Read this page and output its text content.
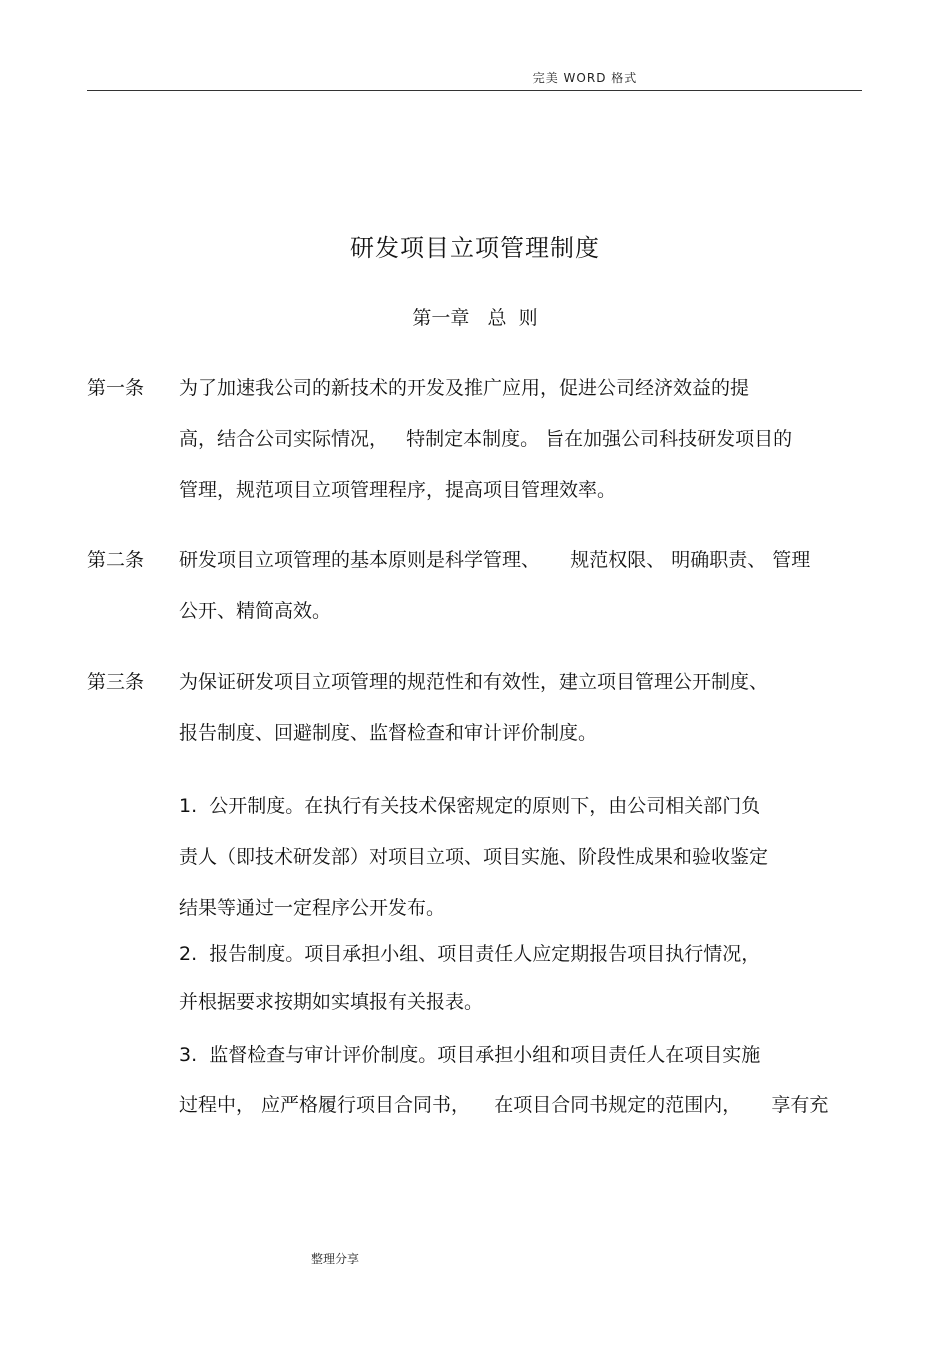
完美 WORD 格式
研发项目立项管理制度
第一章   总  则
第一条 为了加速我公司的新技术的开发及推广应用，促进公司经济效益的提
高，结合公司实际情况，   特制定本制度。 旨在加强公司科技研发项目的
管理，规范项目立项管理程序，提高项目管理效率。
第二条 研发项目立项管理的基本原则是科学管理、     规范权限、 明确职责、 管理
公开、精简高效。
第三条 为保证研发项目立项管理的规范性和有效性，建立项目管理公开制度、
报告制度、回避制度、监督检查和审计评价制度。
1.  公开制度。在执行有关技术保密规定的原则下，由公司相关部门负
责人（即技术研发部）对项目立项、项目实施、阶段性成果和验收鉴定
结果等通过一定程序公开发布。
2.  报告制度。项目承担小组、项目责任人应定期报告项目执行情况，
并根据要求按期如实填报有关报表。
3.  监督检查与审计评价制度。项目承担小组和项目责任人在项目实施
过程中， 应严格履行项目合同书，    在项目合同书规定的范围内，     享有充
整理分享
